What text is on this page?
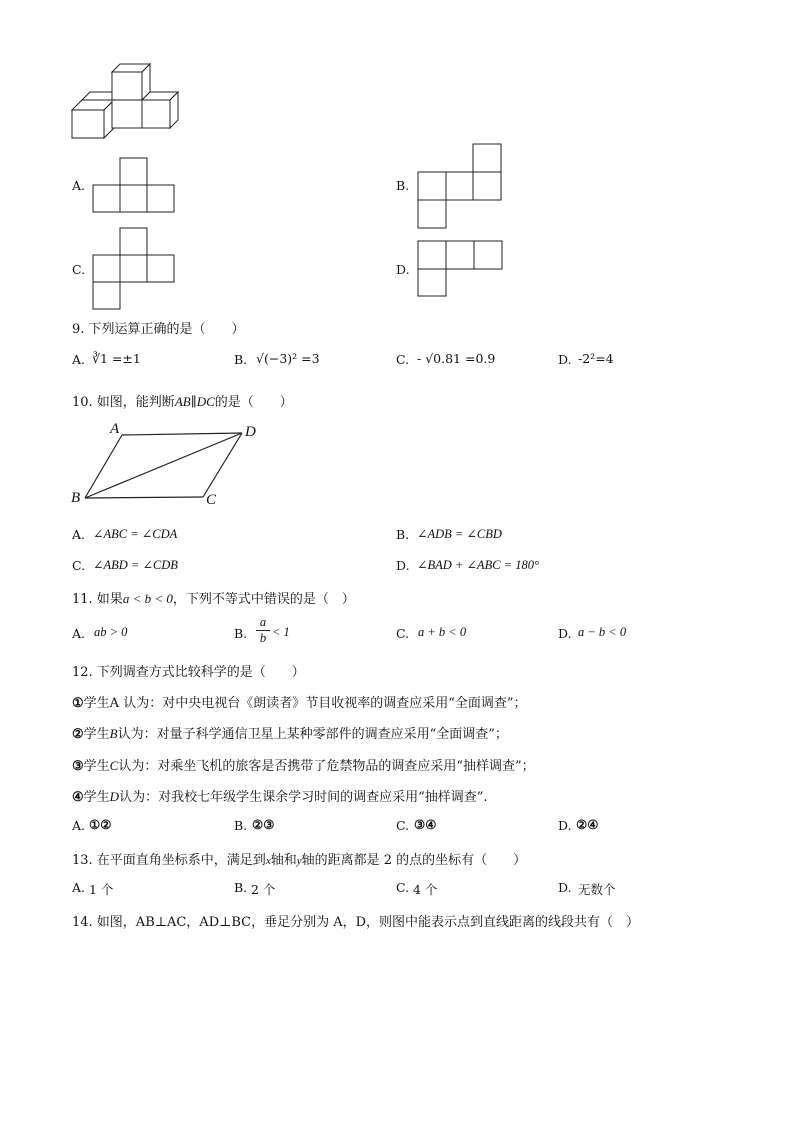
A.	B.
C.	D.
9. 下列运算正确的是（　　）
A. ∛1 =±1	B. √(−3)² =3	C. - √0.81 =0.9	D. -2²=4
10. 如图，能判断AB∥DC的是（　　）
A	D
B	C
A. ∠ABC = ∠CDA	B. ∠ADB = ∠CBD
C. ∠ABD = ∠CDB	D. ∠BAD + ∠ABC = 180°
11. 如果a < b < 0，下列不等式中错误的是（　）
A. ab > 0	B. $\frac{a}{b} < 1$	C. a + b < 0	D. a − b < 0
12. 下列调查方式比较科学的是（　　）
①学生A 认为：对中央电视台《朗读者》节目收视率的调查应采用“全面调查”；
②学生B认为：对量子科学通信卫星上某种零部件的调查应采用“全面调查”；
③学生C认为：对乘坐飞机的旅客是否携带了危禁物品的调查应采用“抽样调查”；
④学生D认为：对我校七年级学生课余学习时间的调查应采用“抽样调查”.
A. ①②	B. ②③	C. ③④	D. ②④
13. 在平面直角坐标系中，满足到x轴和y轴的距离都是 2 的点的坐标有（　　）
A. 1 个	B. 2 个	C. 4 个	D. 无数个
14. 如图，AB⊥AC，AD⊥BC，垂足分别为 A，D，则图中能表示点到直线距离的线段共有（　）
